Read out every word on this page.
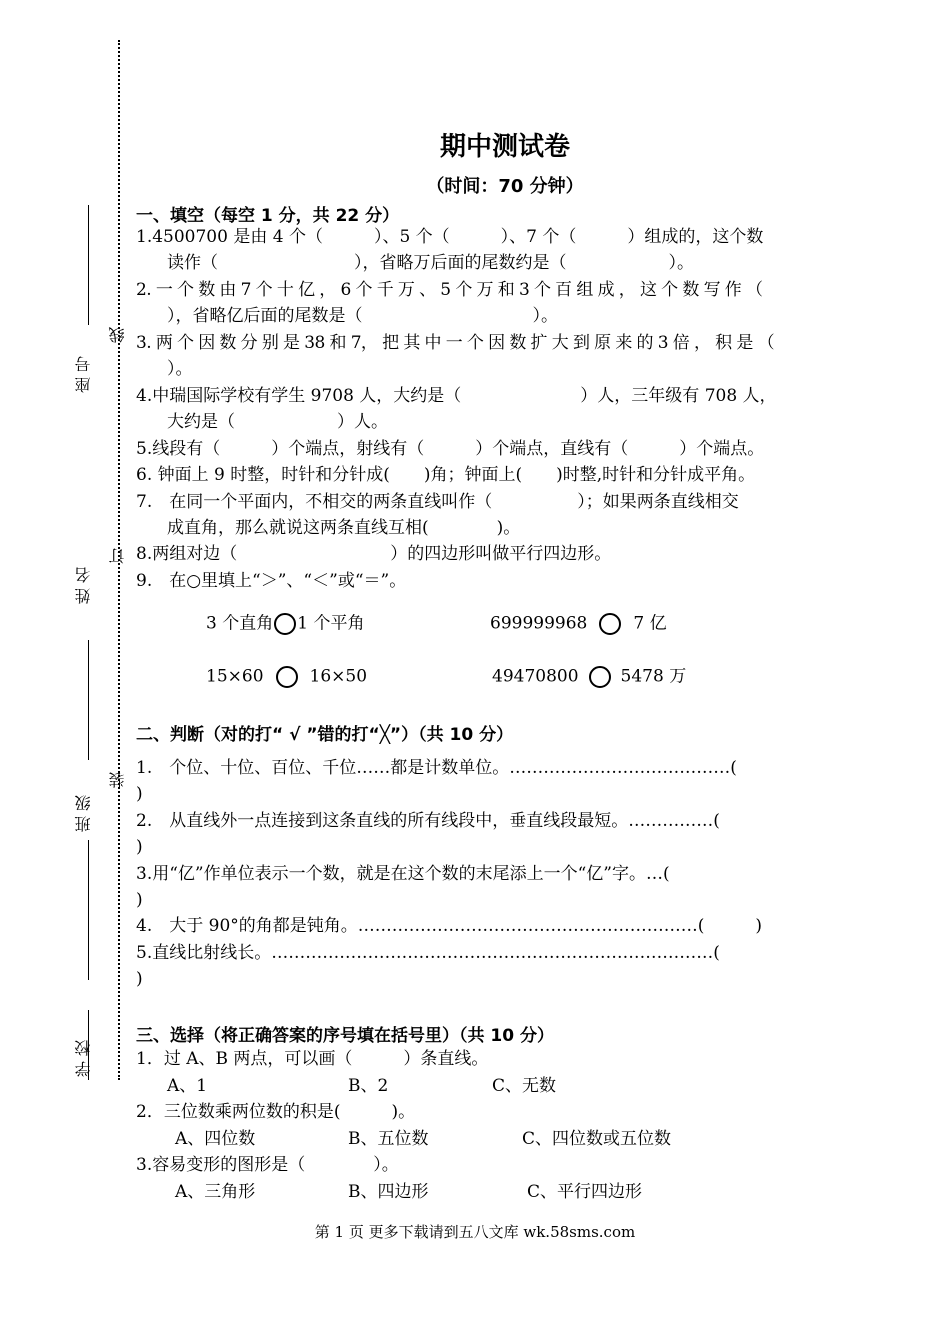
学 校
班 级
姓 名
座 号
装
订
线
期中测试卷
（时间：70 分钟）
一、填空（每空 1 分，共 22 分）
1.4500700 是由 4 个（　　　）、5 个（　　　）、7 个（　　　）组成的，这个数
读作（　　　　　　　　），省略万后面的尾数约是（　　　　　　）。
2. 一 个 数 由 7 个 十 亿 ， 6 个 千 万 、 5 个 万 和 3 个 百 组 成 ， 这 个 数 写 作 （
），省略亿后面的尾数是（　　　　　　　　　　）。
3. 两 个 因 数 分 别 是 38 和 7， 把 其 中 一 个 因 数 扩 大 到 原 来 的 3 倍 ， 积 是 （
）。
4.中瑞国际学校有学生 9708 人，大约是（　　　　　　　）人，三年级有 708 人，
大约是（　　　　　　）人。
5.线段有（　　　）个端点，射线有（　　　）个端点，直线有（　　　）个端点。
6. 钟面上 9 时整，时针和分针成(　　)角；钟面上(　　)时整,时针和分针成平角。
7.　在同一个平面内，不相交的两条直线叫作（　　　　　）；如果两条直线相交
成直角，那么就说这两条直线互相(　　　　)。
8.两组对边（　　　　　　　　　）的四边形叫做平行四边形。
9.　在○里填上“＞”、“＜”或“＝”。
3 个直角 1 个平角	699999968	7 亿
15×60	16×50	49470800 5478 万
二、判断（对的打“ √ ”错的打“╳”）（共 10 分）
1.　个位、十位、百位、千位……都是计数单位。…………………………………(
)
2.　从直线外一点连接到这条直线的所有线段中，垂直线段最短。……………(
)
3.用“亿”作单位表示一个数，就是在这个数的末尾添上一个“亿”字。…(
)
4.　大于 90°的角都是钝角。……………………………………………………(　　　)
5.直线比射线长。……………………………………………………………………(
)
三、选择（将正确答案的序号填在括号里）（共 10 分）
1．过 A、B 两点，可以画（　　　）条直线。
A、1	B、2	C、无数
2．三位数乘两位数的积是(　　　)。
A、四位数	B、五位数	C、四位数或五位数
3.容易变形的图形是（　　　　）。
A、三角形	B、四边形	C、平行四边形
第 1 页 更多下载请到五八文库 wk.58sms.com
